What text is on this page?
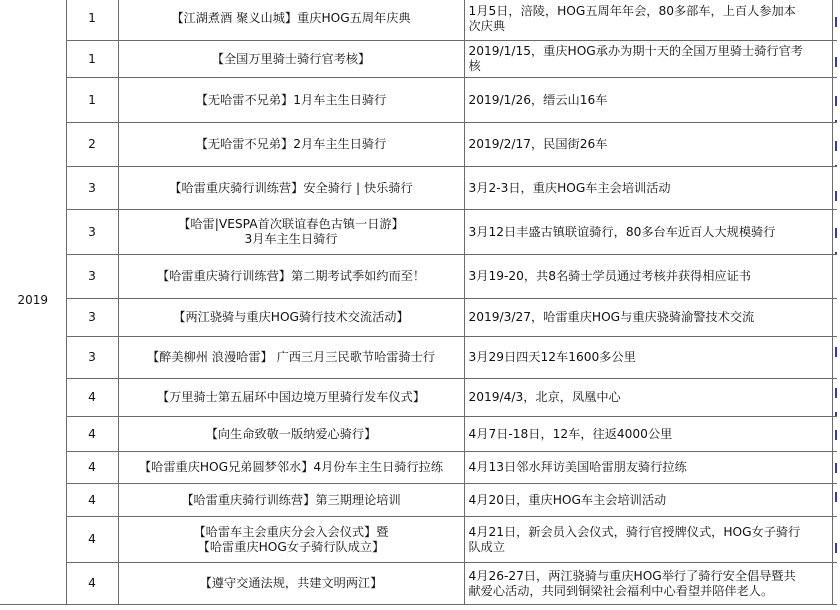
2019	1	【江湖煮酒 聚义山城】重庆HOG五周年庆典	1月5日，涪陵，HOG五周年年会，80多部车，上百人参加本
次庆典	

	1	【全国万里骑士骑行官考核】	2019/1/15，重庆HOG承办为期十天的全国万里骑士骑行官考
核	

	1	【无哈雷不兄弟】1月车主生日骑行	2019/1/26，缙云山16车	

	2	【无哈雷不兄弟】2月车主生日骑行	2019/2/17，民国街26车	

	3	【哈雷重庆骑行训练营】安全骑行 | 快乐骑行	3月2-3日，重庆HOG车主会培训活动	

	3	【哈雷|VESPA首次联谊春色古镇一日游】
3月车主生日骑行	3月12日丰盛古镇联谊骑行，80多台车近百人大规模骑行	

	3	【哈雷重庆骑行训练营】第二期考试季如约而至！	3月19-20，共8名骑士学员通过考核并获得相应证书	

	3	【两江骁骑与重庆HOG骑行技术交流活动】	2019/3/27，哈雷重庆HOG与重庆骁骑渝警技术交流	

	3	【醉美柳州 浪漫哈雷】 广西三月三民歌节哈雷骑士行	3月29日四天12车1600多公里	

	4	【万里骑士第五届环中国边境万里骑行发车仪式】	2019/4/3，北京，凤凰中心	

	4	【向生命致敬一版纳爱心骑行】	4月7日-18日，12车，往返4000公里	

	4	【哈雷重庆HOG兄弟圆梦邻水】4月份车主生日骑行拉练	4月13日邻水拜访美国哈雷朋友骑行拉练	

	4	【哈雷重庆骑行训练营】第三期理论培训	4月20日，重庆HOG车主会培训活动	

	4	【哈雷车主会重庆分会入会仪式】暨
【哈雷重庆HOG女子骑行队成立】	4月21日，新会员入会仪式，骑行官授牌仪式，HOG女子骑行
队成立	

	4	【遵守交通法规，共建文明两江】	4月26-27日，两江骁骑与重庆HOG举行了骑行安全倡导暨共
献爱心活动，共同到铜梁社会福利中心看望并陪伴老人。	
